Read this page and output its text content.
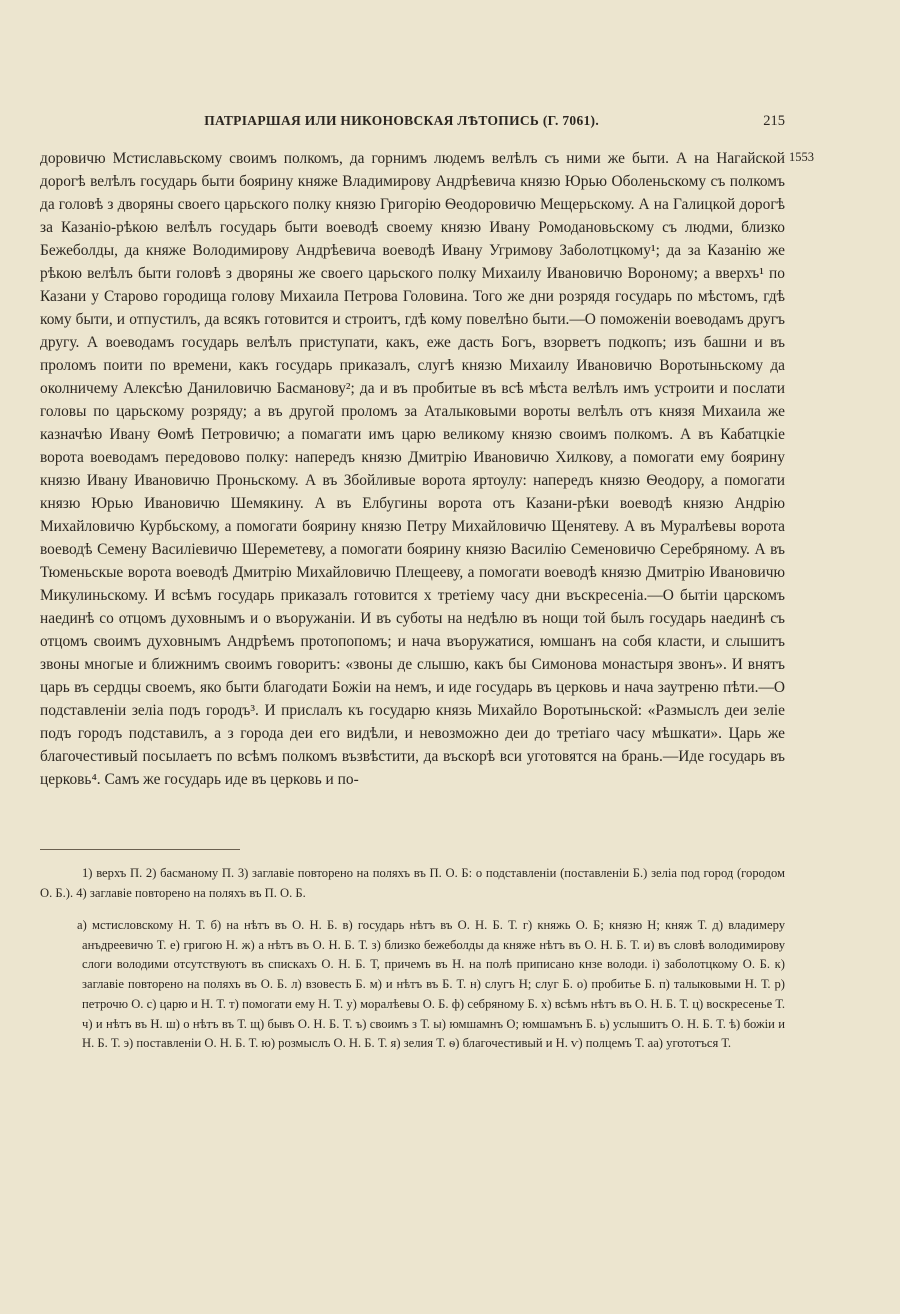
ПАТРІАРШАЯ ИЛИ НИКОНОВСКАЯ ЛѢТОПИСЬ (Г. 7061).	215
1553

доровичю Мстиславьскому своимъ полкомъ, да горнимъ людемъ велѣлъ съ ними же быти. А на Нагайской дорогѣ велѣлъ государь быти боярину княже Владимирову Андрѣевича князю Юрью Оболеньскому съ полкомъ да головѣ з дворяны своего царьского полку князю Григорію Ѳеодоровичю Мещерьскому. А на Галицкой дорогѣ за Казаніо-рѣкою велѣлъ государь быти воеводѣ своему князю Ивану Ромодановьскому съ людми, близко Бежеболды, да княже Володимирову Андрѣевича воеводѣ Ивану Угримову Заболотцкому¹; да за Казанію же рѣкою велѣлъ быти головѣ з дворяны же своего царьского полку Михаилу Ивановичю Вороному; а вверхъ¹ по Казани у Старово городища голову Михаила Петрова Головина. Того же дни розрядя государь по мѣстомъ, гдѣ кому быти, и отпустилъ, да всякъ готовится и строитъ, гдѣ кому повелѣно быти.—О поможеніи воеводамъ другъ другу. А воеводамъ государь велѣлъ приступати, какъ, еже дасть Богъ, взорветъ подкопъ; изъ башни и въ проломъ поити по времени, какъ государь приказалъ, слугѣ князю Михаилу Ивановичю Воротыньскому да околничему Алексѣю Даниловичю Басманову²; да и въ пробитые въ всѣ мѣста велѣлъ имъ устроити и послати головы по царьскому розряду; а въ другой проломъ за Аталыковыми вороты велѣлъ отъ князя Михаила же казначѣю Ивану Ѳомѣ Петровичю; а помагати имъ царю великому князю своимъ полкомъ. А въ Кабатцкіе ворота воеводамъ передовово полку: напередъ князю Дмитрію Ивановичю Хилкову, а помогати ему боярину князю Ивану Ивановичю Проньскому. А въ Збойливые ворота яртоулу: напередъ князю Ѳеодору, а помогати князю Юрью Ивановичю Шемякину. А въ Елбугины ворота отъ Казани-рѣки воеводѣ князю Андрію Михайловичю Курбьскому, а помогати боярину князю Петру Михайловичю Щенятеву. А въ Муралѣевы ворота воеводѣ Семену Василіевичю Шереметеву, а помогати боярину князю Василію Семеновичю Серебряному. А въ Тюменьскые ворота воеводѣ Дмитрію Михайловичю Плещееву, а помогати воеводѣ князю Дмитрію Ивановичю Микулиньскому. И всѣмъ государь приказалъ готовится х третіему часу дни въскресеніа.—О бытіи царскомъ наединѣ со отцомъ духовнымъ и о въоружаніи. И въ суботы на недѣлю въ нощи той былъ государь наединѣ съ отцомъ своимъ духовнымъ Андрѣемъ протопопомъ; и нача въоружатися, юмшанъ на собя класти, и слышитъ звоны многые и ближнимъ своимъ говоритъ: «звоны де слышю, какъ бы Симонова монастыря звонъ». И внятъ царь въ сердцы своемъ, яко быти благодати Божіи на немъ, и иде государь въ церковь и нача заутреню пѣти.—О подставленіи зеліа подъ городъ³. И прислалъ къ государю князь Михайло Воротыньской: «Размыслъ деи зеліе подъ городъ подставилъ, а з города деи его видѣли, и невозможно деи до третіаго часу мѣшкати». Царь же благочестивый посылаетъ по всѣмъ полкомъ възвѣстити, да въскорѣ вси уготовятся на брань.—Иде государь въ церковь⁴. Самъ же государь иде въ церковь и по-

1) верхъ П. 2) басманому П. 3) заглавіе повторено на поляхъ въ П. О. Б: о подставленіи (поставленіи Б.) зеліа под город (городом О. Б.). 4) заглавіе повторено на поляхъ въ П. О. Б.

а) мстисловскому Н. Т. б) на нѣтъ въ О. Н. Б. в) государь нѣтъ въ О. Н. Б. Т. г) княжь О. Б; князю Н; княж Т. д) владимеру анъдреевичю Т. е) григою Н. ж) а нѣтъ въ О. Н. Б. Т. з) близко бежеболды да княже нѣтъ въ О. Н. Б. Т. и) въ словѣ володимирову слоги володими отсутствуютъ въ спискахъ О. Н. Б. Т, причемъ въ Н. на полѣ приписано кнзе володи. і) заболотцкому О. Б. к) заглавіе повторено на поляхъ въ О. Б. л) взовесть Б. м) и нѣтъ въ Б. Т. н) слугъ Н; слуг Б. о) пробитье Б. п) талыковыми Н. Т. р) петрочю О. с) царю и Н. Т. т) помогати ему Н. Т. у) моралѣевы О. Б. ф) себряному Б. х) всѣмъ нѣтъ въ О. Н. Б. Т. ц) воскресенье Т. ч) и нѣтъ въ Н. ш) о нѣтъ въ Т. щ) бывъ О. Н. Б. Т. ъ) своимъ з Т. ы) юмшамнъ О; юмшамънъ Б. ь) услышитъ О. Н. Б. Т. ѣ) божіи и Н. Б. Т. э) поставленіи О. Н. Б. Т. ю) розмыслъ О. Н. Б. Т. я) зелия Т. ѳ) благочестивый и Н. ѵ) полцемъ Т. аа) угототъся Т.
